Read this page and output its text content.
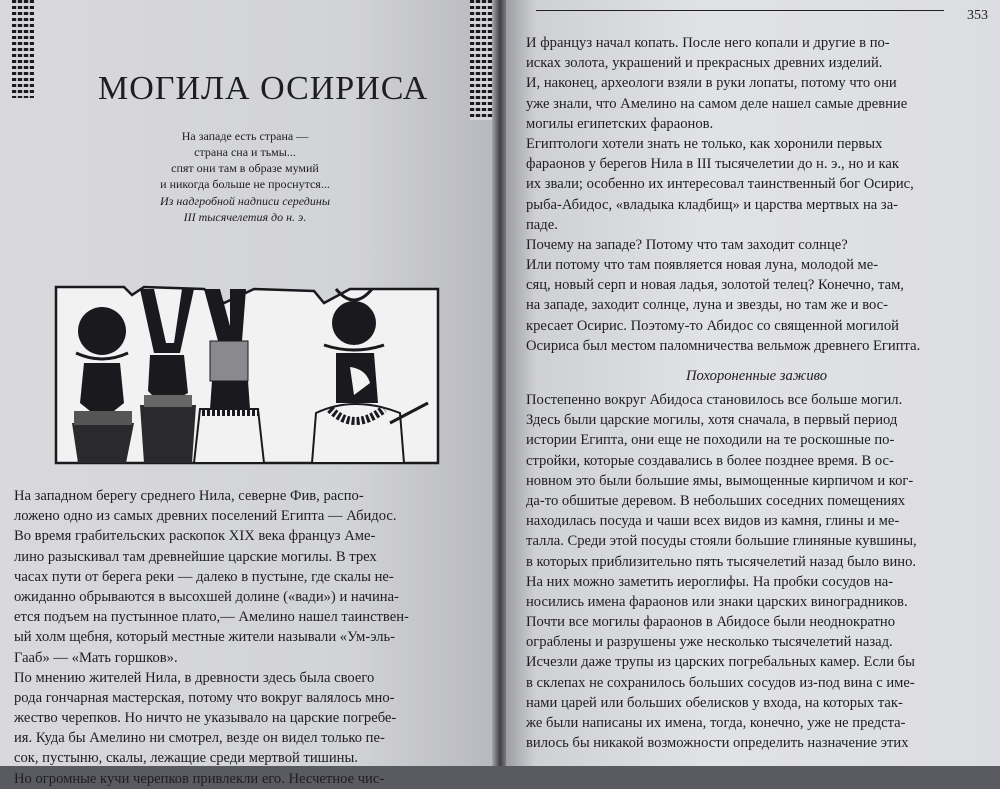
МОГИЛА ОСИРИСА
На западе есть страна —
страна сна и тьмы...
спят они там в образе мумий
и никогда больше не проснутся...
Из надгробной надписи середины
III тысячелетия до н. э.
На западном берегу среднего Нила, северне Фив, распо-
ложено одно из самых древних поселений Египта — Абидос.
Во время грабительских раскопок XIX века француз Аме-
лино разыскивал там древнейшие царские могилы. В трех
часах пути от берега реки — далеко в пустыне, где скалы не-
ожиданно обрываются в высохшей долине («вади») и начина-
ется подъем на пустынное плато,— Амелино нашел таинствен-
ый холм щебня, который местные жители называли «Ум-эль-
Гааб» — «Мать горшков».
По мнению жителей Нила, в древности здесь была своего
рода гончарная мастерская, потому что вокруг валялось мно-
жество черепков. Но ничто не указывало на царские погребе-
ия. Куда бы Амелино ни смотрел, везде он видел только пе-
сок, пустыню, скалы, лежащие среди мертвой тишины.
Но огромные кучи черепков привлекли его. Несчетное чис-
353
И француз начал копать. После него копали и другие в по-
исках золота, украшений и прекрасных древних изделий.
И, наконец, археологи взяли в руки лопаты, потому что они
уже знали, что Амелино на самом деле нашел самые древние
могилы египетских фараонов.
Египтологи хотели знать не только, как хоронили первых
фараонов у берегов Нила в III тысячелетии до н. э., но и как
их звали; особенно их интересовал таинственный бог Осирис,
рыба-Абидос, «владыка кладбищ» и царства мертвых на за-
паде.
Почему на западе? Потому что там заходит солнце?
Или потому что там появляется новая луна, молодой ме-
сяц, новый серп и новая ладья, золотой телец? Конечно, там,
на западе, заходит солнце, луна и звезды, но там же и вос-
кресает Осирис. Поэтому-то Абидос со священной могилой
Осириса был местом паломничества вельмож древнего Египта.
Похороненные заживо
Постепенно вокруг Абидоса становилось все больше могил.
Здесь были царские могилы, хотя сначала, в первый период
истории Египта, они еще не походили на те роскошные по-
стройки, которые создавались в более позднее время. В ос-
новном это были большие ямы, вымощенные кирпичом и ког-
да-то обшитые деревом. В небольших соседних помещениях
находилась посуда и чаши всех видов из камня, глины и ме-
талла. Среди этой посуды стояли большие глиняные кувшины,
в которых приблизительно пять тысячелетий назад было вино.
На них можно заметить иероглифы. На пробки сосудов на-
носились имена фараонов или знаки царских виноградников.
Почти все могилы фараонов в Абидосе были неоднократно
ограблены и разрушены уже несколько тысячелетий назад.
Исчезли даже трупы из царских погребальных камер. Если бы
в склепах не сохранилось больших сосудов из-под вина с име-
нами царей или больших обелисков у входа, на которых так-
же были написаны их имена, тогда, конечно, уже не предста-
вилось бы никакой возможности определить назначение этих
